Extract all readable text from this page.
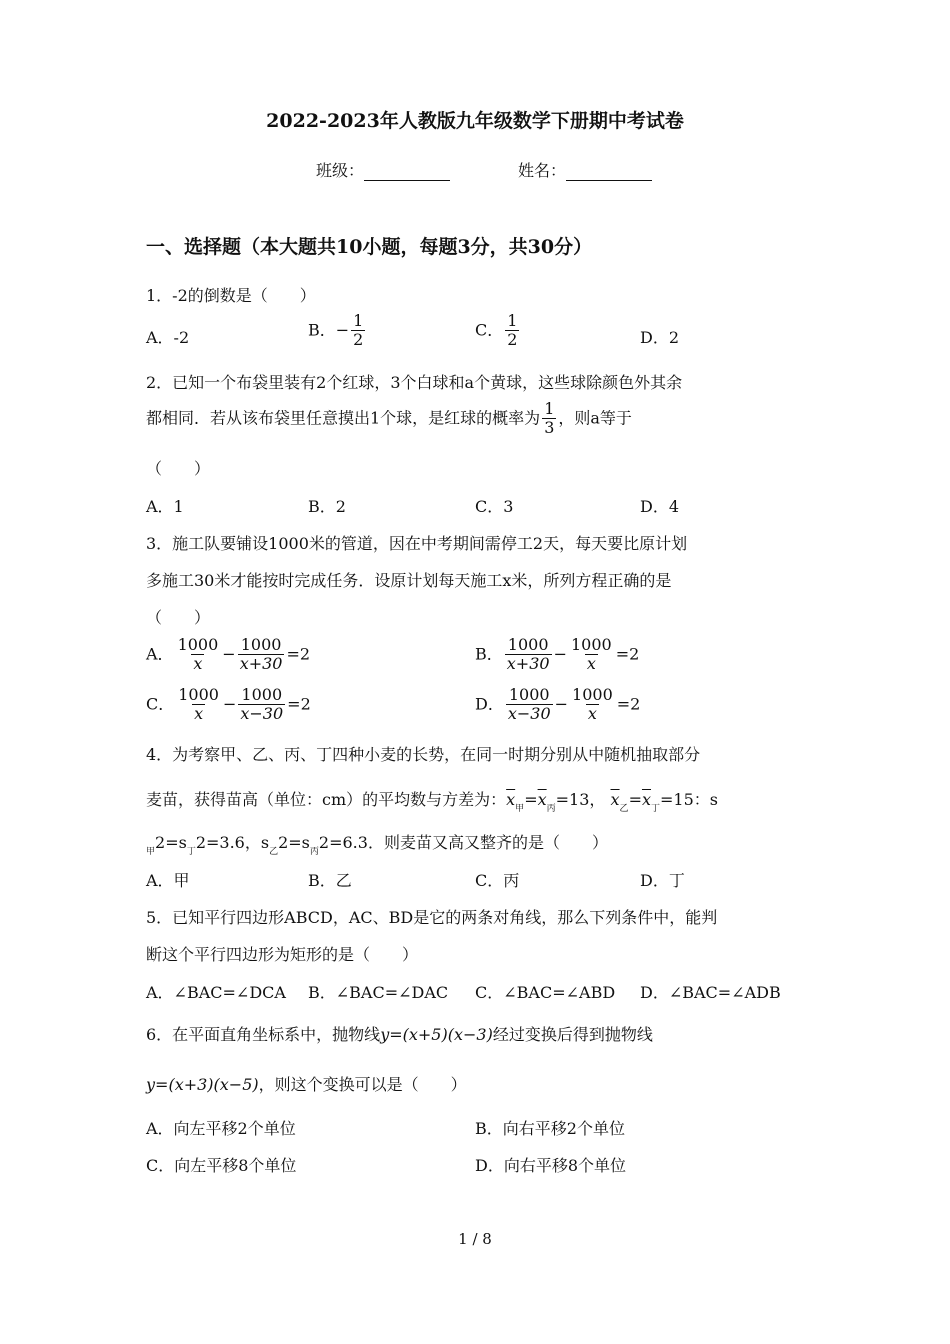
2022-2023年人教版九年级数学下册期中考试卷
班级：	姓名：
一、选择题（本大题共10小题，每题3分，共30分）
1．-2的倒数是（　　）
A．-2	B．− $\frac{1}{2}$	C． $\frac{1}{2}$	D．2
2．已知一个布袋里装有2个红球，3个白球和a个黄球，这些球除颜色外其余
都相同．若从该布袋里任意摸出1个球，是红球的概率为 $\frac{1}{3}$ ，则a等于
（　　）
A．1	B．2	C．3	D．4
3．施工队要铺设1000米的管道，因在中考期间需停工2天，每天要比原计划
多施工30米才能按时完成任务．设原计划每天施工x米，所列方程正确的是
（　　）
A． $\frac{1000}{x} - \frac{1000}{x+30} =2$	B． $\frac{1000}{x+30} - \frac{1000}{x} =2$
C． $\frac{1000}{x} - \frac{1000}{x-30} =2$	D． $\frac{1000}{x-30} - \frac{1000}{x} =2$
4．为考察甲、乙、丙、丁四种小麦的长势，在同一时期分别从中随机抽取部分
麦苗，获得苗高（单位：cm）的平均数与方差为：$\overline{x}_甲=\overline{x}_丙=13$， $\overline{x}_乙=\overline{x}_丁=15$：s
$_甲2=s_丁2=3.6$，$s_乙2=s_丙2=6.3$．则麦苗又高又整齐的是（　　）
A．甲	B．乙	C．丙	D．丁
5．已知平行四边形ABCD，AC、BD是它的两条对角线，那么下列条件中，能判
断这个平行四边形为矩形的是（　　）
A．∠BAC=∠DCA B．∠BAC=∠DAC C．∠BAC=∠ABD D．∠BAC=∠ADB
6．在平面直角坐标系中，抛物线y=(x+5)(x−3)经过变换后得到抛物线
y=(x+3)(x−5)，则这个变换可以是（　　）
A．向左平移2个单位	B．向右平移2个单位
C．向左平移8个单位	D．向右平移8个单位
1 / 8
